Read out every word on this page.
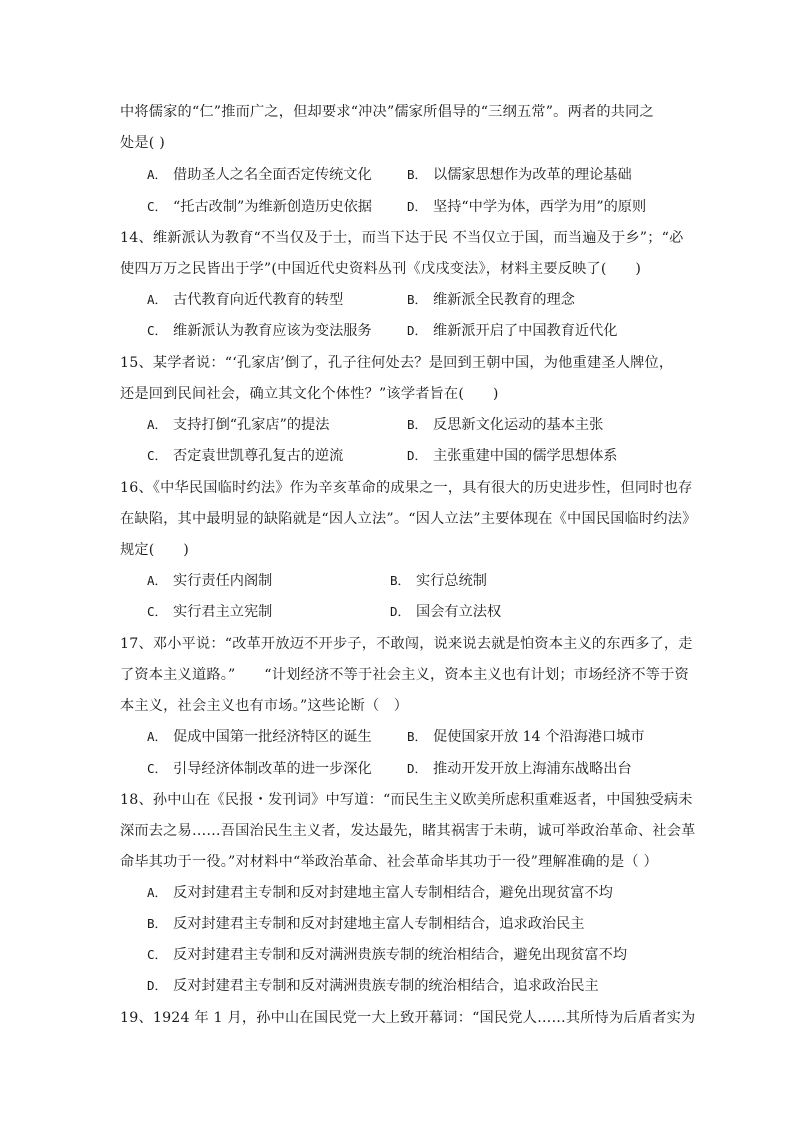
中将儒家的“仁”推而广之，但却要求“冲决”儒家所倡导的“三纲五常”。两者的共同之
处是( )
A． 借助圣人之名全面否定传统文化	B． 以儒家思想作为改革的理论基础
C． “托古改制”为维新创造历史依据	D． 坚持“中学为体，西学为用”的原则
14、维新派认为教育“不当仅及于士，而当下达于民 不当仅立于国，而当遍及于乡”；“必
使四万万之民皆出于学”(中国近代史资料丛刊《戊戌变法》，材料主要反映了(　　)
A． 古代教育向近代教育的转型	B． 维新派全民教育的理念
C． 维新派认为教育应该为变法服务	D． 维新派开启了中国教育近代化
15、某学者说：“‘孔家店’倒了，孔子往何处去？是回到王朝中国，为他重建圣人牌位，
还是回到民间社会，确立其文化个体性？”该学者旨在(　　)
A． 支持打倒“孔家店”的提法	B． 反思新文化运动的基本主张
C． 否定袁世凯尊孔复古的逆流	D． 主张重建中国的儒学思想体系
16、《中华民国临时约法》作为辛亥革命的成果之一，具有很大的历史进步性，但同时也存
在缺陷，其中最明显的缺陷就是“因人立法”。“因人立法”主要体现在《中国民国临时约法》
规定(　　)
A． 实行责任内阁制	B． 实行总统制
C． 实行君主立宪制	D． 国会有立法权
17、邓小平说：“改革开放迈不开步子，不敢闯，说来说去就是怕资本主义的东西多了，走
了资本主义道路。”　　“计划经济不等于社会主义，资本主义也有计划；市场经济不等于资
本主义，社会主义也有市场。”这些论断（　）
A． 促成中国第一批经济特区的诞生	B． 促使国家开放 14 个沿海港口城市
C． 引导经济体制改革的进一步深化	D． 推动开发开放上海浦东战略出台
18、孙中山在《民报・发刊词》中写道：“而民生主义欧美所虑积重难返者，中国独受病未
深而去之易……吾国治民生主义者，发达最先，睹其祸害于未萌，诚可举政治革命、社会革
命毕其功于一役。”对材料中“举政治革命、社会革命毕其功于一役”理解准确的是（ ）
A． 反对封建君主专制和反对封建地主富人专制相结合，避免出现贫富不均
B． 反对封建君主专制和反对封建地主富人专制相结合，追求政治民主
C． 反对封建君主专制和反对满洲贵族专制的统治相结合，避免出现贫富不均
D． 反对封建君主专制和反对满洲贵族专制的统治相结合，追求政治民主
19、1924 年 1 月，孙中山在国民党一大上致开幕词：“国民党人……其所恃为后盾者实为
